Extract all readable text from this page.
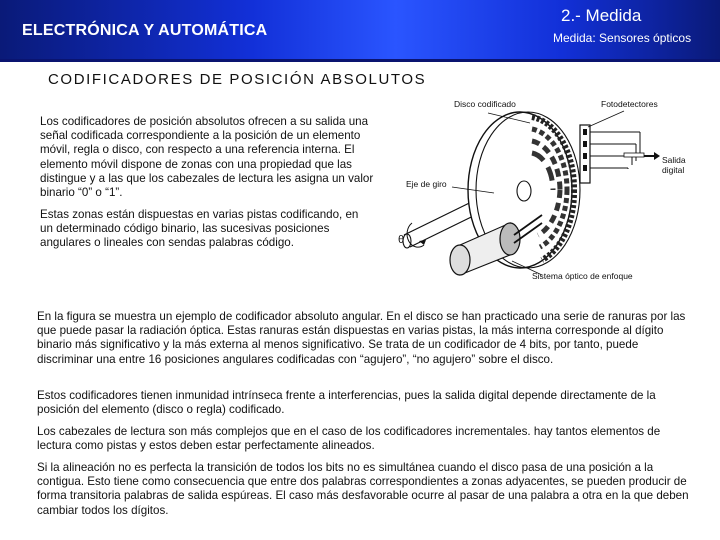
ELECTRÓNICA Y AUTOMÁTICA
2.- Medida
Medida: Sensores ópticos
CODIFICADORES DE POSICIÓN ABSOLUTOS

Los codificadores de posición absolutos ofrecen a su salida una señal codificada correspondiente a la posición de un elemento móvil, regla o disco, con respecto a una referencia interna. El elemento móvil dispone de zonas con una propiedad que las distingue y a las que los cabezales de lectura les asigna un valor binario “0” o “1”.

Estas zonas están dispuestas en varias pistas codificando, en un determinado código binario, las sucesivas posiciones angulares o lineales con sendas palabras código.

Disco codificado	Fotodetectores
Salida
digital
Eje de giro
θ
Sistema óptico de enfoque

En la figura se muestra un ejemplo de codificador absoluto angular. En el disco se han practicado una serie de ranuras por las que puede pasar la radiación óptica. Estas ranuras están dispuestas en varias pistas, la más interna corresponde al dígito binario más significativo y la más externa al menos significativo. Se trata de un codificador de 4 bits, por tanto, puede discriminar una entre 16 posiciones angulares codificadas con “agujero”, “no agujero” sobre el disco.

Estos codificadores tienen inmunidad intrínseca frente a interferencias, pues la salida digital depende directamente de la posición del elemento (disco o regla) codificado.

Los cabezales de lectura son más complejos que en el caso de los codificadores incrementales. hay tantos elementos de lectura como pistas y estos deben estar perfectamente alineados.

Si la alineación no es perfecta la transición de todos los bits no es simultánea cuando el disco pasa de una posición a la contigua. Esto tiene como consecuencia que entre dos palabras correspondientes a zonas adyacentes, se pueden producir de forma transitoria palabras de salida espúreas. El caso más desfavorable ocurre al pasar de una palabra a otra en la que deben cambiar todos los dígitos.
